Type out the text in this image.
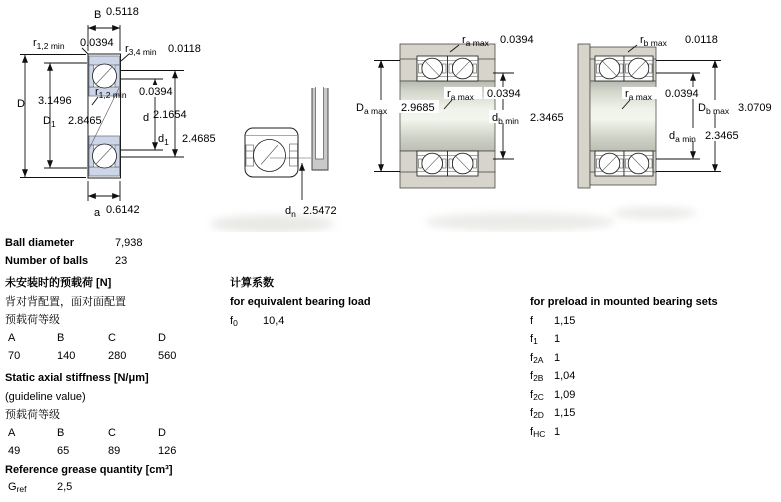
B 0.5118
$r_{1,2 min}$ 0.0394 $r_{3,4 min}$ 0.0118
D 3.1496
$D_1$ 2.8465
$r_{1,2 min}$ 0.0394
d 2.1654
$d_1$ 2.4685
a 0.6142	$d_n$ 2.5472
$r_{a max}$ 0.0394
$r_{a max}$ 0.0394
$D_{a max}$ 2.9685
$d_{b min}$ 2.3465
$r_{b max}$ 0.0118
$r_{a max}$ 0.0394
$D_{b max}$ 3.0709
$d_{a min}$ 2.3465
Ball diameter	7,938
Number of balls 23
未安装时的预载荷 [N]
背对背配置，面对面配置
预载荷等级
A	B	C	D
70	140	280	560
Static axial stiffness [N/μm]
(guideline value)
预载荷等级
A	B	C	D
49	65	89	126
Reference grease quantity [cm³]
$G_{ref}$	2,5
计算系数
for equivalent bearing load
$f_0$ 10,4
for preload in mounted bearing sets
f 1,15
$f_1$ 1
$f_{2A}$ 1
$f_{2B}$ 1,04
$f_{2C}$ 1,09
$f_{2D}$ 1,15
$f_{HC}$ 1
